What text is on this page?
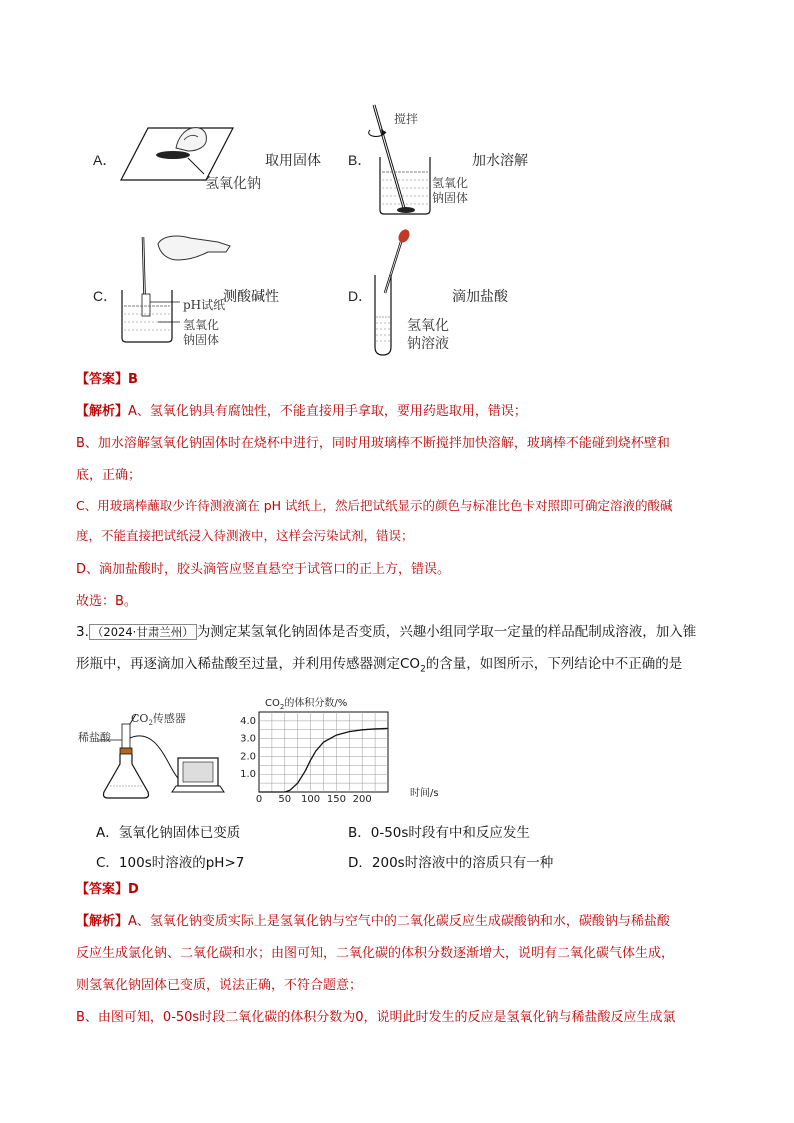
A．
氢氧化钠
取用固体 B．
搅拌
氢氧化
钠固体
加水溶解
C．
pH试纸
氢氧化
钠固体
测酸碱性	D．
氢氧化
钠溶液
滴加盐酸
【答案】B
【解析】A、氢氧化钠具有腐蚀性，不能直接用手拿取，要用药匙取用，错误；
B、加水溶解氢氧化钠固体时在烧杯中进行，同时用玻璃棒不断搅拌加快溶解，玻璃棒不能碰到烧杯壁和
底，正确；
C、用玻璃棒蘸取少许待测液滴在 pH 试纸上，然后把试纸显示的颜色与标准比色卡对照即可确定溶液的酸碱
度，不能直接把试纸浸入待测液中，这样会污染试剂，错误；
D、滴加盐酸时，胶头滴管应竖直悬空于试管口的正上方，错误。
故选：B。
3. （2024·甘肃兰州） 为测定某氢氧化钠固体是否变质，兴趣小组同学取一定量的样品配制成溶液，加入锥
形瓶中，再逐滴加入稀盐酸至过量，并利用传感器测定$CO_2$的含量，如图所示，下列结论中不正确的是
稀盐酸
$CO_2$传感器
$CO_2$的体积分数/%
时间/s
0 50 100 150 200
1.0
2.0
3.0
4.0
A．氢氧化钠固体已变质	B．0-50s时段有中和反应发生
C．100s时溶液的pH>7	D．200s时溶液中的溶质只有一种
【答案】D
【解析】A、氢氧化钠变质实际上是氢氧化钠与空气中的二氧化碳反应生成碳酸钠和水，碳酸钠与稀盐酸
反应生成氯化钠、二氧化碳和水；由图可知，二氧化碳的体积分数逐渐增大，说明有二氧化碳气体生成，
则氢氧化钠固体已变质，说法正确，不符合题意；
B、由图可知，0-50s时段二氧化碳的体积分数为0，说明此时发生的反应是氢氧化钠与稀盐酸反应生成氯
